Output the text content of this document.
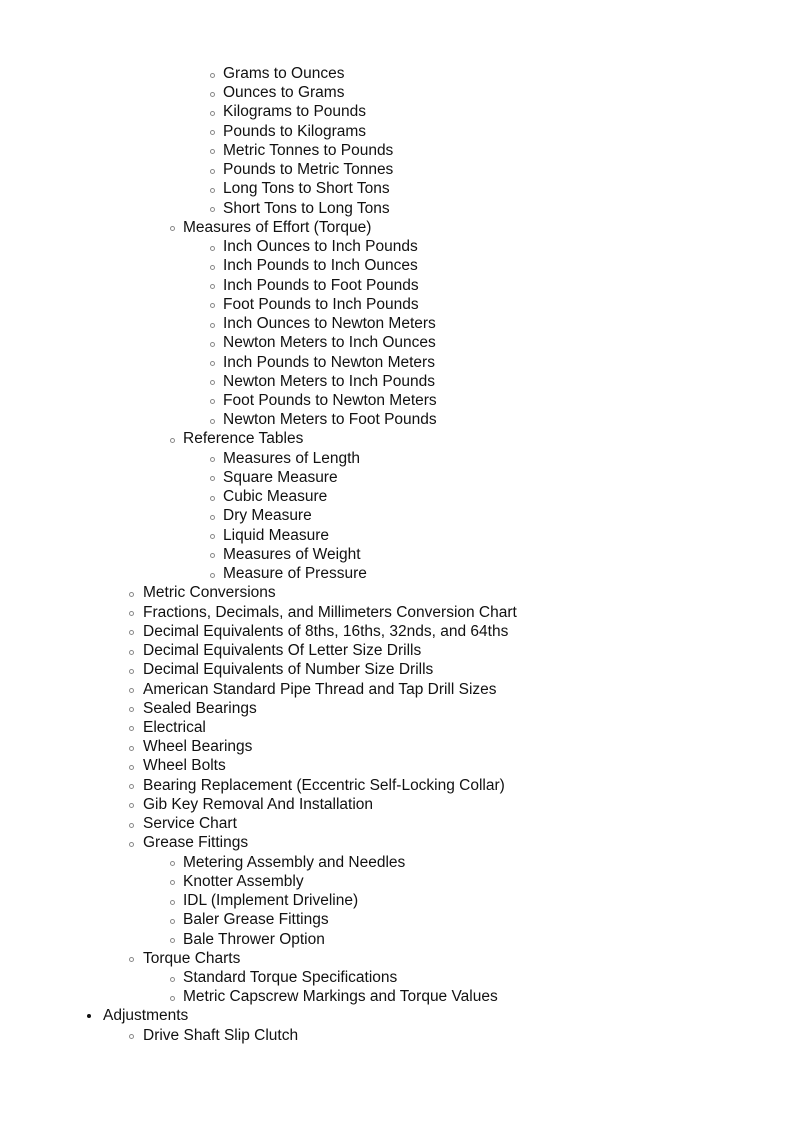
Grams to Ounces
Ounces to Grams
Kilograms to Pounds
Pounds to Kilograms
Metric Tonnes to Pounds
Pounds to Metric Tonnes
Long Tons to Short Tons
Short Tons to Long Tons
Measures of Effort (Torque)
Inch Ounces to Inch Pounds
Inch Pounds to Inch Ounces
Inch Pounds to Foot Pounds
Foot Pounds to Inch Pounds
Inch Ounces to Newton Meters
Newton Meters to Inch Ounces
Inch Pounds to Newton Meters
Newton Meters to Inch Pounds
Foot Pounds to Newton Meters
Newton Meters to Foot Pounds
Reference Tables
Measures of Length
Square Measure
Cubic Measure
Dry Measure
Liquid Measure
Measures of Weight
Measure of Pressure
Metric Conversions
Fractions, Decimals, and Millimeters Conversion Chart
Decimal Equivalents of 8ths, 16ths, 32nds, and 64ths
Decimal Equivalents Of Letter Size Drills
Decimal Equivalents of Number Size Drills
American Standard Pipe Thread and Tap Drill Sizes
Sealed Bearings
Electrical
Wheel Bearings
Wheel Bolts
Bearing Replacement (Eccentric Self-Locking Collar)
Gib Key Removal And Installation
Service Chart
Grease Fittings
Metering Assembly and Needles
Knotter Assembly
IDL (Implement Driveline)
Baler Grease Fittings
Bale Thrower Option
Torque Charts
Standard Torque Specifications
Metric Capscrew Markings and Torque Values
Adjustments
Drive Shaft Slip Clutch
